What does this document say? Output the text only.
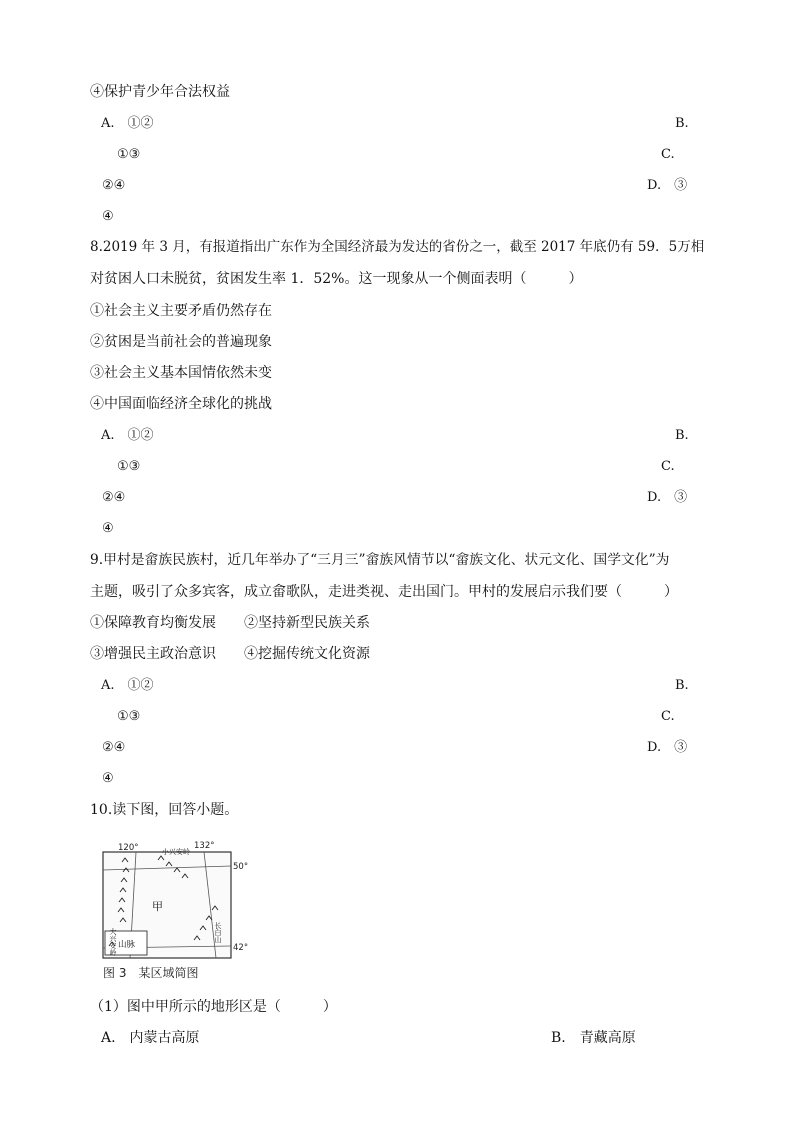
④保护青少年合法权益
A.　①②	B.
①③	C.
②④	D.　③
④
8.2019 年 3 月，有报道指出广东作为全国经济最为发达的省份之一，截至 2017 年底仍有 59．5万相
对贫困人口未脱贫，贫困发生率 1．52%。这一现象从一个侧面表明（　　　）
①社会主义主要矛盾仍然存在
②贫困是当前社会的普遍现象
③社会主义基本国情依然未变
④中国面临经济全球化的挑战
A.　①②	B.
①③	C.
②④	D.　③
④
9.甲村是畲族民族村，近几年举办了“三月三”畲族风情节以“畲族文化、状元文化、国学文化”为
主题，吸引了众多宾客，成立畲歌队，走进类视、走出国门。甲村的发展启示我们要（　　　）
①保障教育均衡发展　　②坚持新型民族关系
③增强民主政治意识　　④挖掘传统文化资源
A.　①②	B.
①③	C.
②④	D.　③
④
10.读下图，回答小题。
120°	132°
50°
42°
甲
山脉
大兴安岭
小兴安岭
长白山
图 3　某区域简图
（1）图中甲所示的地形区是（　　　）
A.　内蒙古高原	B.　青藏高原
